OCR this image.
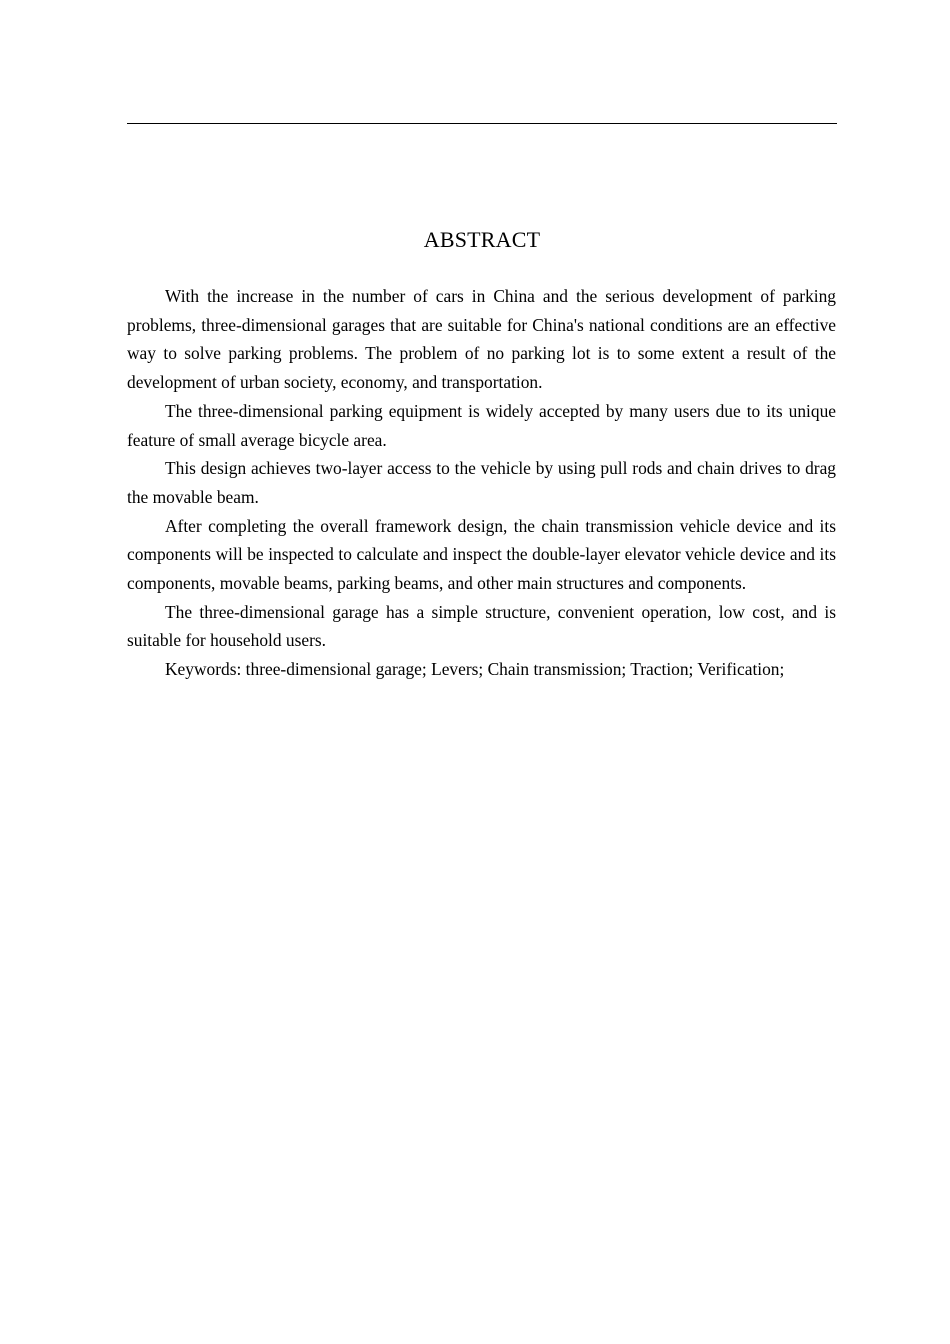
ABSTRACT

With the increase in the number of cars in China and the serious development of parking problems, three-dimensional garages that are suitable for China's national conditions are an effective way to solve parking problems. The problem of no parking lot is to some extent a result of the development of urban society, economy, and transportation.

The three-dimensional parking equipment is widely accepted by many users due to its unique feature of small average bicycle area.

This design achieves two-layer access to the vehicle by using pull rods and chain drives to drag the movable beam.

After completing the overall framework design, the chain transmission vehicle device and its components will be inspected to calculate and inspect the double-layer elevator vehicle device and its components, movable beams, parking beams, and other main structures and components.

The three-dimensional garage has a simple structure, convenient operation, low cost, and is suitable for household users.

Keywords: three-dimensional garage; Levers; Chain transmission; Traction; Verification;
